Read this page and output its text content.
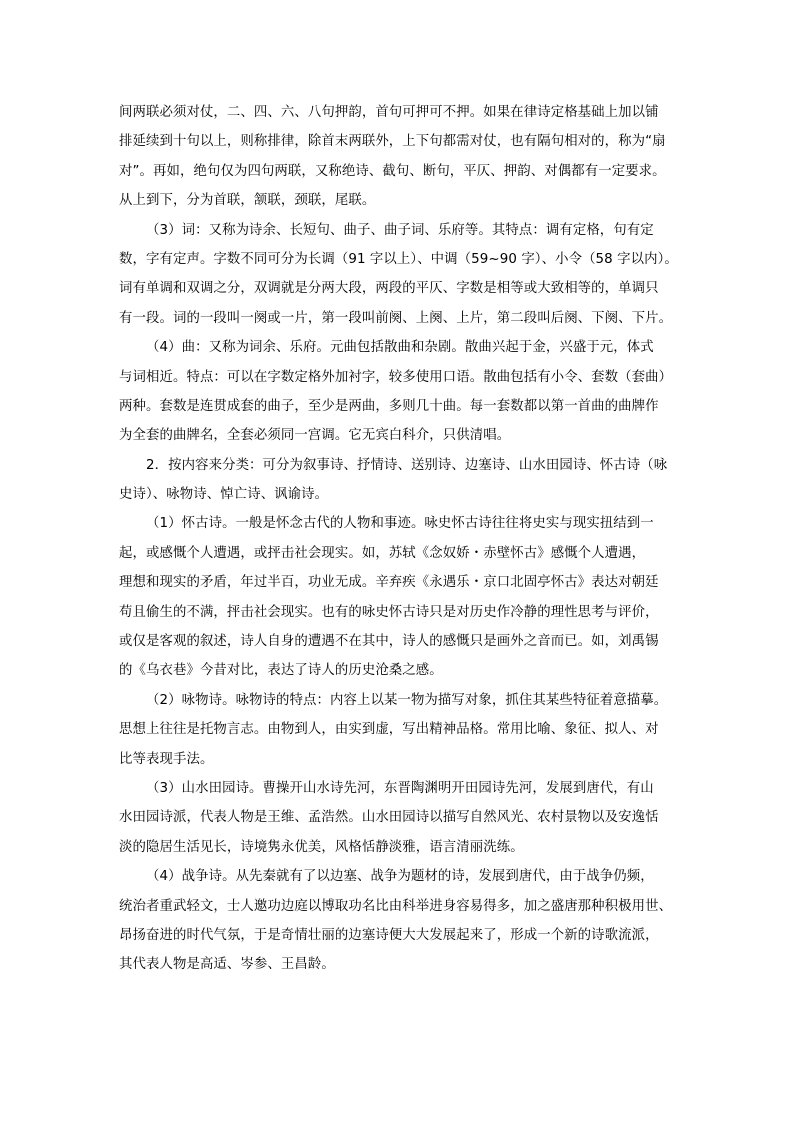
间两联必须对仗，二、四、六、八句押韵，首句可押可不押。如果在律诗定格基础上加以铺
排延续到十句以上，则称排律，除首末两联外，上下句都需对仗，也有隔句相对的，称为“扇
对”。再如，绝句仅为四句两联，又称绝诗、截句、断句，平仄、押韵、对偶都有一定要求。
从上到下，分为首联，颔联，颈联，尾联。
（3）词：又称为诗余、长短句、曲子、曲子词、乐府等。其特点：调有定格，句有定
数，字有定声。字数不同可分为长调（91 字以上）、中调（59~90 字）、小令（58 字以内）。
词有单调和双调之分，双调就是分两大段，两段的平仄、字数是相等或大致相等的，单调只
有一段。词的一段叫一阕或一片，第一段叫前阕、上阕、上片，第二段叫后阕、下阕、下片。
（4）曲：又称为词余、乐府。元曲包括散曲和杂剧。散曲兴起于金，兴盛于元，体式
与词相近。特点：可以在字数定格外加衬字，较多使用口语。散曲包括有小令、套数（套曲）
两种。套数是连贯成套的曲子，至少是两曲，多则几十曲。每一套数都以第一首曲的曲牌作
为全套的曲牌名，全套必须同一宫调。它无宾白科介，只供清唱。
2．按内容来分类：可分为叙事诗、抒情诗、送别诗、边塞诗、山水田园诗、怀古诗（咏
史诗）、咏物诗、悼亡诗、讽谕诗。
（1）怀古诗。一般是怀念古代的人物和事迹。咏史怀古诗往往将史实与现实扭结到一
起，或感慨个人遭遇，或抨击社会现实。如，苏轼《念奴娇・赤壁怀古》感慨个人遭遇，
理想和现实的矛盾，年过半百，功业无成。辛弃疾《永遇乐・京口北固亭怀古》表达对朝廷
苟且偷生的不满，抨击社会现实。也有的咏史怀古诗只是对历史作冷静的理性思考与评价，
或仅是客观的叙述，诗人自身的遭遇不在其中，诗人的感慨只是画外之音而已。如，刘禹锡
的《乌衣巷》今昔对比，表达了诗人的历史沧桑之感。
（2）咏物诗。咏物诗的特点：内容上以某一物为描写对象，抓住其某些特征着意描摹。
思想上往往是托物言志。由物到人，由实到虚，写出精神品格。常用比喻、象征、拟人、对
比等表现手法。
（3）山水田园诗。曹操开山水诗先河，东晋陶渊明开田园诗先河，发展到唐代，有山
水田园诗派，代表人物是王维、孟浩然。山水田园诗以描写自然风光、农村景物以及安逸恬
淡的隐居生活见长，诗境隽永优美，风格恬静淡雅，语言清丽洗练。
（4）战争诗。从先秦就有了以边塞、战争为题材的诗，发展到唐代，由于战争仍频，
统治者重武轻文，士人邀功边庭以博取功名比由科举进身容易得多，加之盛唐那种积极用世、
昂扬奋进的时代气氛，于是奇情壮丽的边塞诗便大大发展起来了，形成一个新的诗歌流派，
其代表人物是高适、岑参、王昌龄。
